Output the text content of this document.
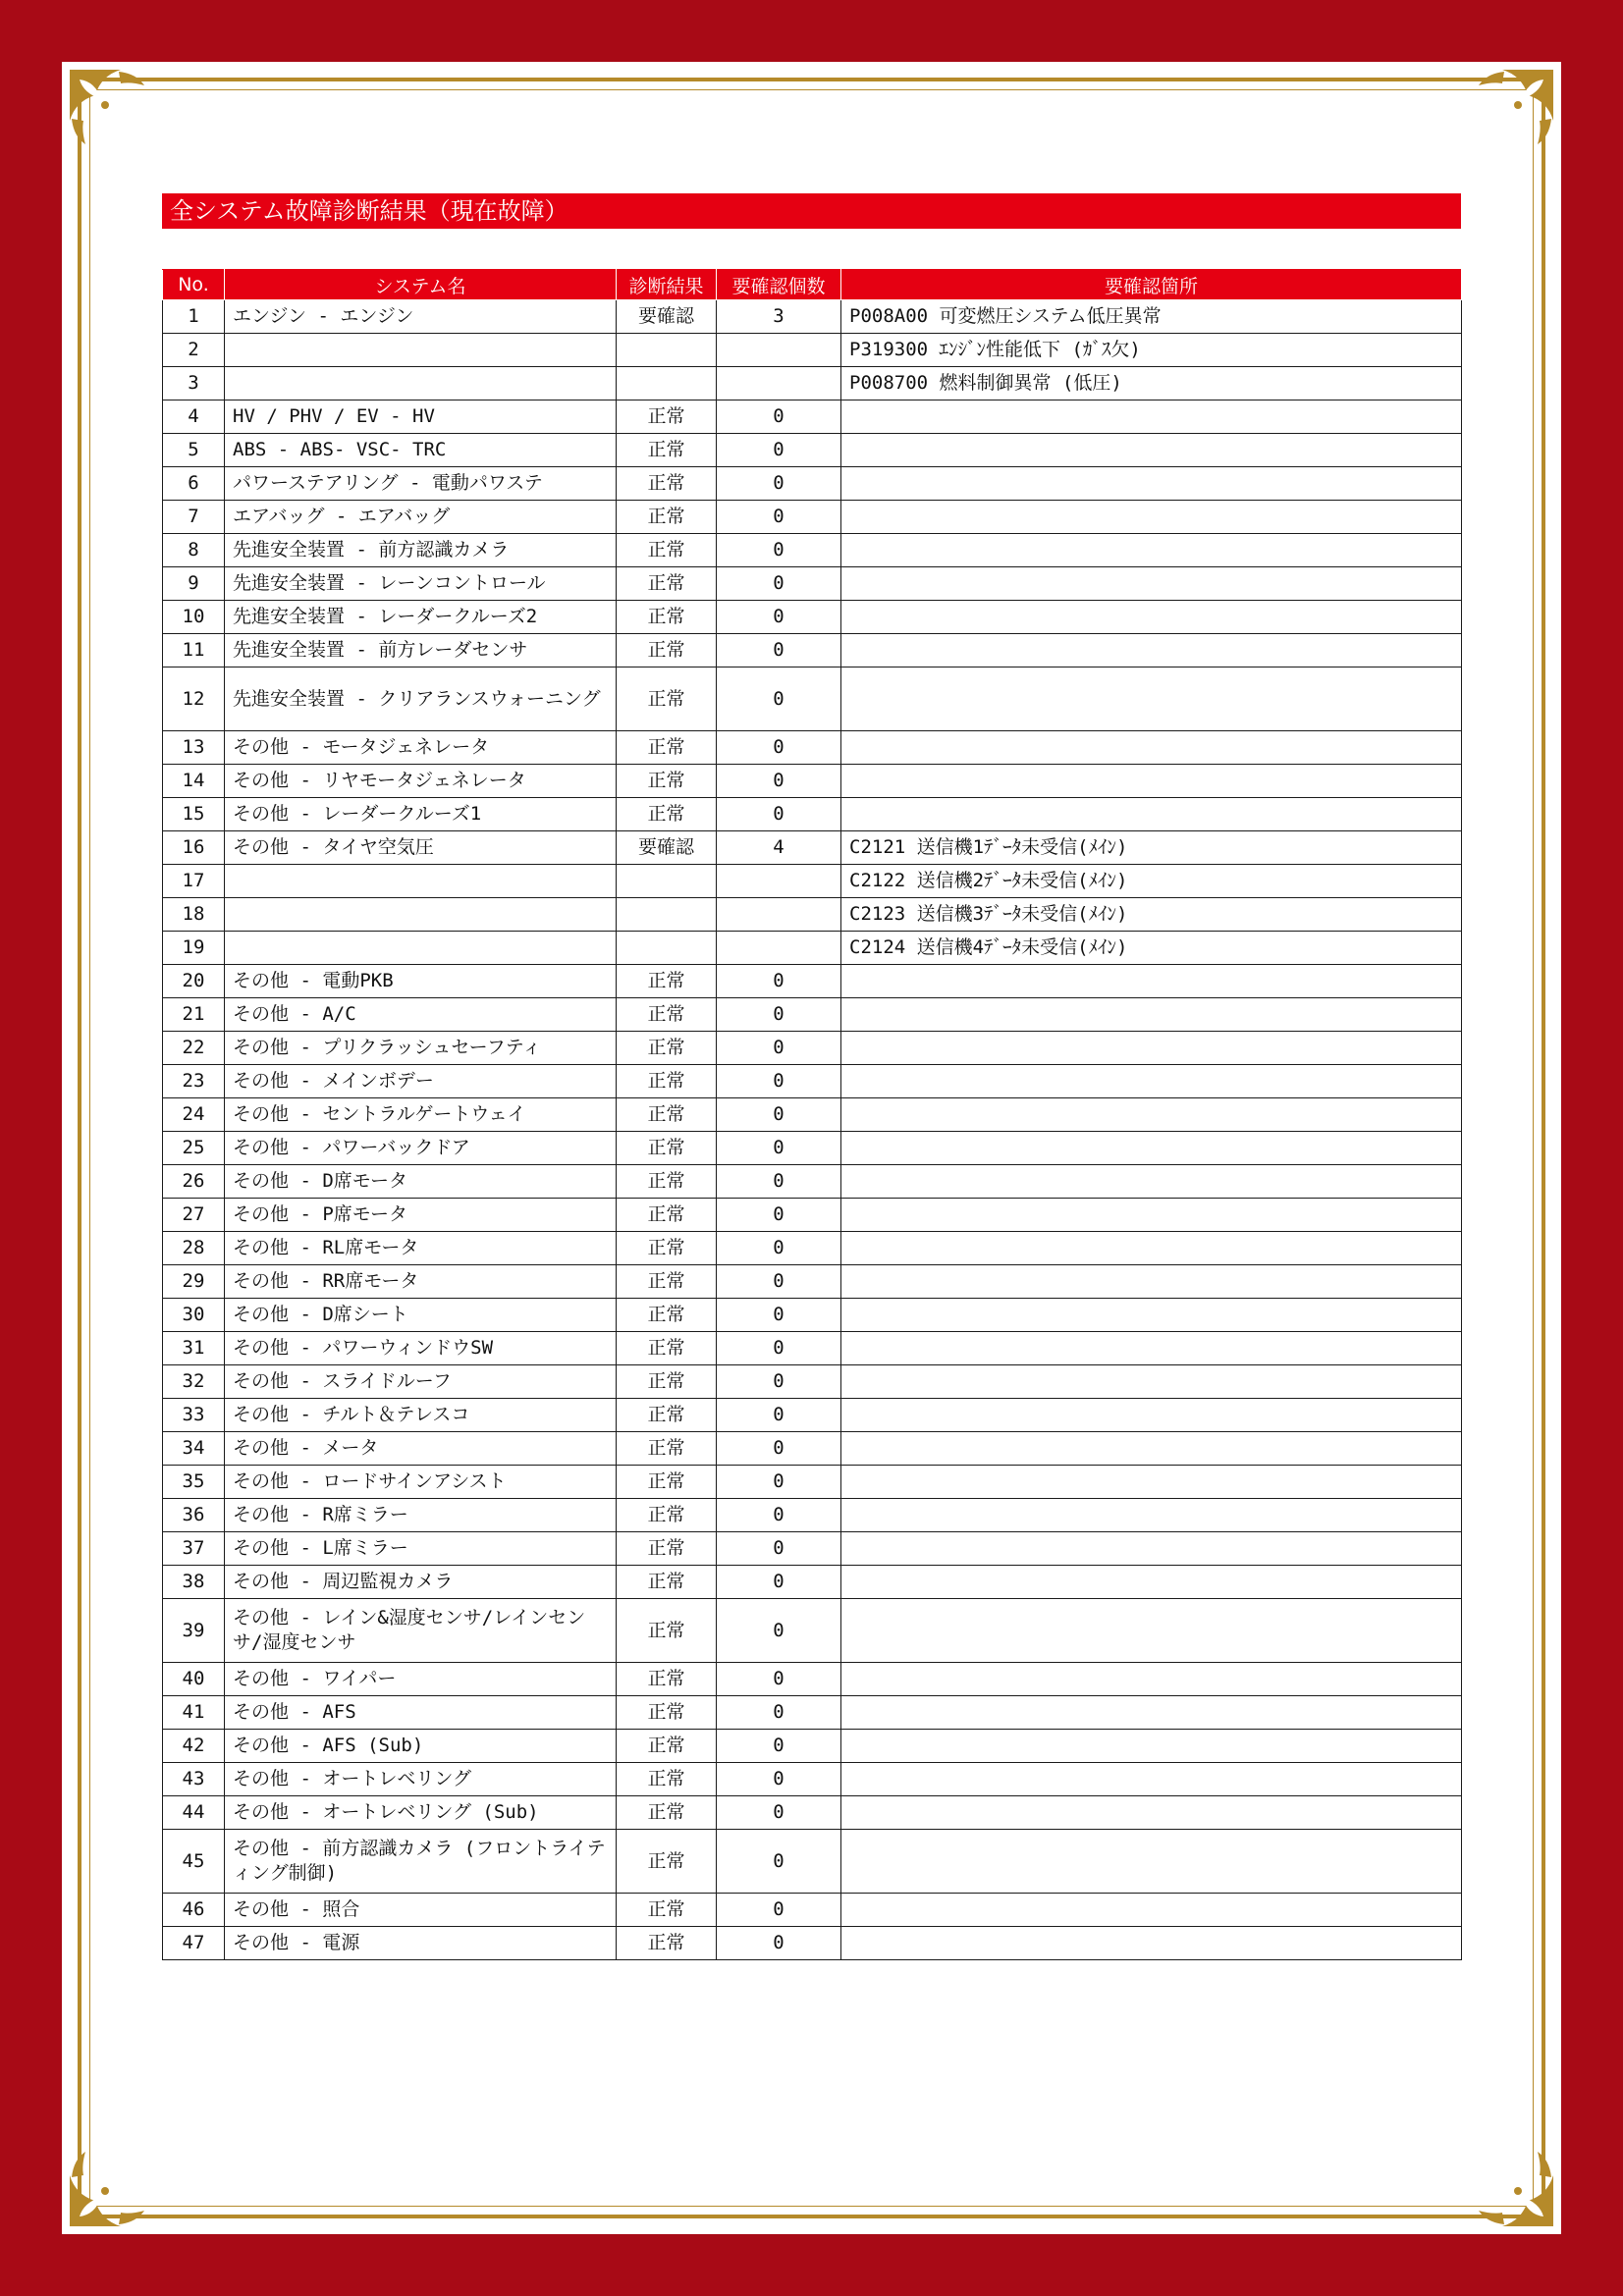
全システム故障診断結果（現在故障）
No.	システム名	診断結果	要確認個数	要確認箇所
1	エンジン - エンジン	要確認	3	P008A00 可変燃圧システム低圧異常
2				P319300 ｴﾝｼﾞﾝ性能低下 (ｶﾞｽ欠)
3				P008700 燃料制御異常 (低圧)
4	HV / PHV / EV - HV	正常	0	
5	ABS - ABS- VSC- TRC	正常	0	
6	パワーステアリング - 電動パワステ	正常	0	
7	エアバッグ - エアバッグ	正常	0	
8	先進安全装置 - 前方認識カメラ	正常	0	
9	先進安全装置 - レーンコントロール	正常	0	
10	先進安全装置 - レーダークルーズ2	正常	0	
11	先進安全装置 - 前方レーダセンサ	正常	0	
12	先進安全装置 - クリアランスウォーニング	正常	0	
13	その他 - モータジェネレータ	正常	0	
14	その他 - リヤモータジェネレータ	正常	0	
15	その他 - レーダークルーズ1	正常	0	
16	その他 - タイヤ空気圧	要確認	4	C2121 送信機1ﾃﾞｰﾀ未受信(ﾒｲﾝ)
17				C2122 送信機2ﾃﾞｰﾀ未受信(ﾒｲﾝ)
18				C2123 送信機3ﾃﾞｰﾀ未受信(ﾒｲﾝ)
19				C2124 送信機4ﾃﾞｰﾀ未受信(ﾒｲﾝ)
20	その他 - 電動PKB	正常	0	
21	その他 - A/C	正常	0	
22	その他 - プリクラッシュセーフティ	正常	0	
23	その他 - メインボデー	正常	0	
24	その他 - セントラルゲートウェイ	正常	0	
25	その他 - パワーバックドア	正常	0	
26	その他 - D席モータ	正常	0	
27	その他 - P席モータ	正常	0	
28	その他 - RL席モータ	正常	0	
29	その他 - RR席モータ	正常	0	
30	その他 - D席シート	正常	0	
31	その他 - パワーウィンドウSW	正常	0	
32	その他 - スライドルーフ	正常	0	
33	その他 - チルト＆テレスコ	正常	0	
34	その他 - メータ	正常	0	
35	その他 - ロードサインアシスト	正常	0	
36	その他 - R席ミラー	正常	0	
37	その他 - L席ミラー	正常	0	
38	その他 - 周辺監視カメラ	正常	0	
39	その他 - レイン&湿度センサ/レインセンサ/湿度センサ	正常	0	
40	その他 - ワイパー	正常	0	
41	その他 - AFS	正常	0	
42	その他 - AFS (Sub)	正常	0	
43	その他 - オートレベリング	正常	0	
44	その他 - オートレベリング (Sub)	正常	0	
45	その他 - 前方認識カメラ (フロントライティング制御)	正常	0	
46	その他 - 照合	正常	0	
47	その他 - 電源	正常	0	
